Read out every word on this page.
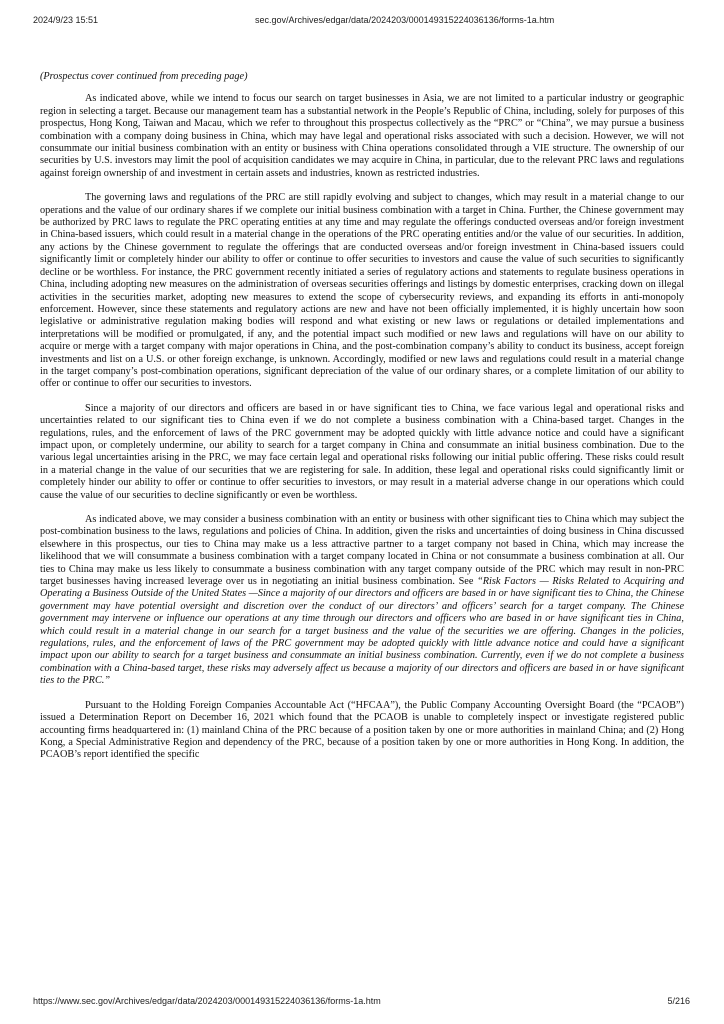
2024/9/23 15:51	sec.gov/Archives/edgar/data/2024203/000149315224036136/forms-1a.htm

(Prospectus cover continued from preceding page)

As indicated above, while we intend to focus our search on target businesses in Asia, we are not limited to a particular industry or geographic region in selecting a target. Because our management team has a substantial network in the People’s Republic of China, including, solely for purposes of this prospectus, Hong Kong, Taiwan and Macau, which we refer to throughout this prospectus collectively as the “PRC” or “China”, we may pursue a business combination with a company doing business in China, which may have legal and operational risks associated with such a decision. However, we will not consummate our initial business combination with an entity or business with China operations consolidated through a VIE structure. The ownership of our securities by U.S. investors may limit the pool of acquisition candidates we may acquire in China, in particular, due to the relevant PRC laws and regulations against foreign ownership of and investment in certain assets and industries, known as restricted industries.

The governing laws and regulations of the PRC are still rapidly evolving and subject to changes, which may result in a material change to our operations and the value of our ordinary shares if we complete our initial business combination with a target in China. Further, the Chinese government may be authorized by PRC laws to regulate the PRC operating entities at any time and may regulate the offerings conducted overseas and/or foreign investment in China-based issuers, which could result in a material change in the operations of the PRC operating entities and/or the value of our securities. In addition, any actions by the Chinese government to regulate the offerings that are conducted overseas and/or foreign investment in China-based issuers could significantly limit or completely hinder our ability to offer or continue to offer securities to investors and cause the value of such securities to significantly decline or be worthless. For instance, the PRC government recently initiated a series of regulatory actions and statements to regulate business operations in China, including adopting new measures on the administration of overseas securities offerings and listings by domestic enterprises, cracking down on illegal activities in the securities market, adopting new measures to extend the scope of cybersecurity reviews, and expanding its efforts in anti-monopoly enforcement. However, since these statements and regulatory actions are new and have not been officially implemented, it is highly uncertain how soon legislative or administrative regulation making bodies will respond and what existing or new laws or regulations or detailed implementations and interpretations will be modified or promulgated, if any, and the potential impact such modified or new laws and regulations will have on our ability to acquire or merge with a target company with major operations in China, and the post-combination company’s ability to conduct its business, accept foreign investments and list on a U.S. or other foreign exchange, is unknown. Accordingly, modified or new laws and regulations could result in a material change in the target company’s post-combination operations, significant depreciation of the value of our ordinary shares, or a complete limitation of our ability to offer or continue to offer our securities to investors.

Since a majority of our directors and officers are based in or have significant ties to China, we face various legal and operational risks and uncertainties related to our significant ties to China even if we do not complete a business combination with a China-based target. Changes in the regulations, rules, and the enforcement of laws of the PRC government may be adopted quickly with little advance notice and could have a significant impact upon, or completely undermine, our ability to search for a target company in China and consummate an initial business combination. Due to the various legal uncertainties arising in the PRC, we may face certain legal and operational risks following our initial public offering. These risks could result in a material change in the value of our securities that we are registering for sale. In addition, these legal and operational risks could significantly limit or completely hinder our ability to offer or continue to offer securities to investors, or may result in a material adverse change in our operations which could cause the value of our securities to decline significantly or even be worthless.

As indicated above, we may consider a business combination with an entity or business with other significant ties to China which may subject the post-combination business to the laws, regulations and policies of China. In addition, given the risks and uncertainties of doing business in China discussed elsewhere in this prospectus, our ties to China may make us a less attractive partner to a target company not based in China, which may increase the likelihood that we will consummate a business combination with a target company located in China or not consummate a business combination at all. Our ties to China may make us less likely to consummate a business combination with any target company outside of the PRC which may result in non-PRC target businesses having increased leverage over us in negotiating an initial business combination. See “Risk Factors — Risks Related to Acquiring and Operating a Business Outside of the United States —Since a majority of our directors and officers are based in or have significant ties to China, the Chinese government may have potential oversight and discretion over the conduct of our directors’ and officers’ search for a target company. The Chinese government may intervene or influence our operations at any time through our directors and officers who are based in or have significant ties in China, which could result in a material change in our search for a target business and the value of the securities we are offering. Changes in the policies, regulations, rules, and the enforcement of laws of the PRC government may be adopted quickly with little advance notice and could have a significant impact upon our ability to search for a target business and consummate an initial business combination. Currently, even if we do not complete a business combination with a China-based target, these risks may adversely affect us because a majority of our directors and officers are based in or have significant ties to the PRC.”

Pursuant to the Holding Foreign Companies Accountable Act (“HFCAA”), the Public Company Accounting Oversight Board (the “PCAOB”) issued a Determination Report on December 16, 2021 which found that the PCAOB is unable to completely inspect or investigate registered public accounting firms headquartered in: (1) mainland China of the PRC because of a position taken by one or more authorities in mainland China; and (2) Hong Kong, a Special Administrative Region and dependency of the PRC, because of a position taken by one or more authorities in Hong Kong. In addition, the PCAOB’s report identified the specific

https://www.sec.gov/Archives/edgar/data/2024203/000149315224036136/forms-1a.htm	5/216
